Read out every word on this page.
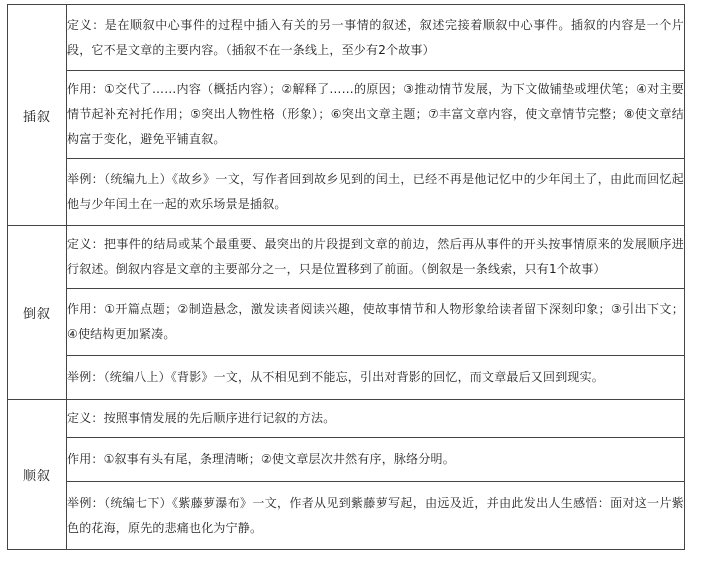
插叙	定义：是在顺叙中心事件的过程中插入有关的另一事情的叙述，叙述完接着顺叙中心事件。插叙的内容是一个片段，它不是文章的主要内容。（插叙不在一条线上，至少有2个故事）
	作用：①交代了……内容（概括内容）；②解释了……的原因；③推动情节发展，为下文做铺垫或埋伏笔；④对主要情节起补充衬托作用；⑤突出人物性格（形象）；⑥突出文章主题；⑦丰富文章内容，使文章情节完整；⑧使文章结构富于变化，避免平铺直叙。
	举例：（统编九上）《故乡》一文，写作者回到故乡见到的闰土，已经不再是他记忆中的少年闰土了，由此而回忆起他与少年闰土在一起的欢乐场景是插叙。
倒叙	定义：把事件的结局或某个最重要、最突出的片段提到文章的前边，然后再从事件的开头按事情原来的发展顺序进行叙述。倒叙内容是文章的主要部分之一，只是位置移到了前面。（倒叙是一条线索，只有1个故事）
	作用：①开篇点题；②制造悬念，激发读者阅读兴趣，使故事情节和人物形象给读者留下深刻印象；③引出下文；④使结构更加紧凑。
	举例：（统编八上）《背影》一文，从不相见到不能忘，引出对背影的回忆，而文章最后又回到现实。
顺叙	定义：按照事情发展的先后顺序进行记叙的方法。
	作用：①叙事有头有尾，条理清晰；②使文章层次井然有序，脉络分明。
	举例：（统编七下）《紫藤萝瀑布》一文，作者从见到紫藤萝写起，由远及近，并由此发出人生感悟：面对这一片紫色的花海，原先的悲痛也化为宁静。
